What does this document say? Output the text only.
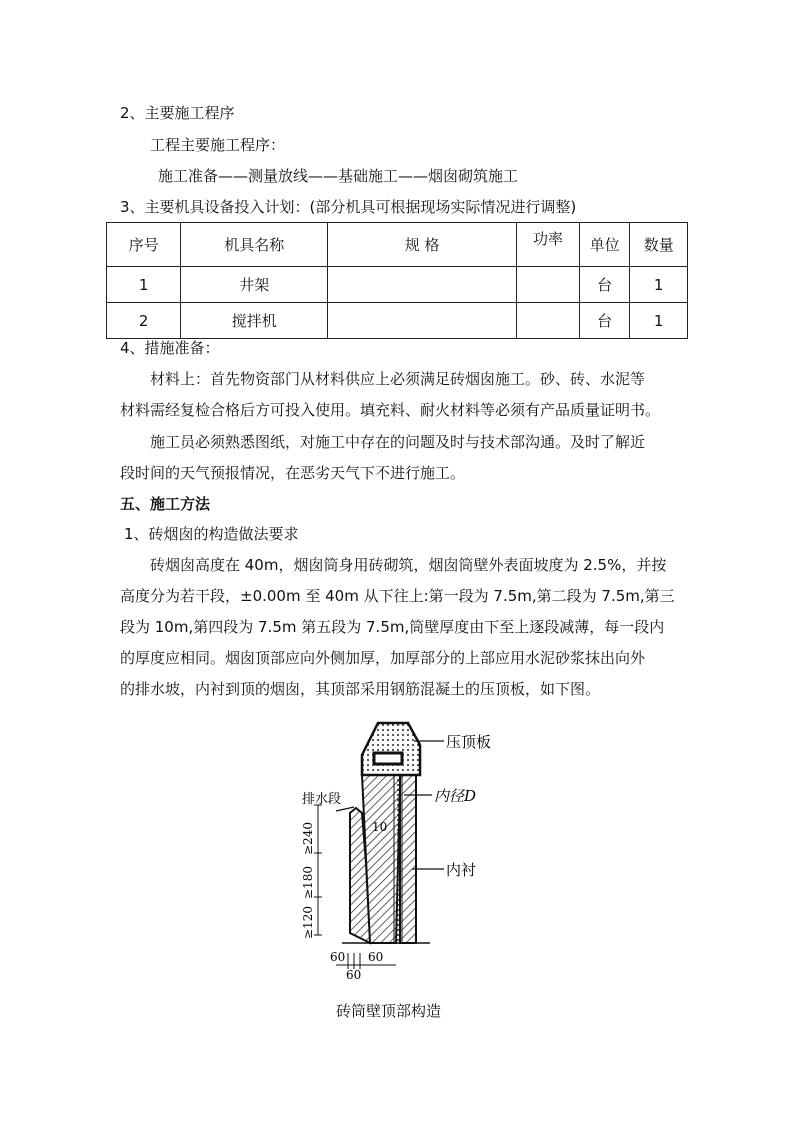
2、主要施工程序
工程主要施工程序：
施工准备——测量放线——基础施工——烟囱砌筑施工
3、主要机具设备投入计划：(部分机具可根据现场实际情况进行调整)
序号	机具名称	规 格	功率	单位	数量
1	井架			台	1
2	搅拌机			台	1
4、措施准备：
材料上：首先物资部门从材料供应上必须满足砖烟囱施工。砂、砖、水泥等
材料需经复检合格后方可投入使用。填充料、耐火材料等必须有产品质量证明书。
施工员必须熟悉图纸，对施工中存在的问题及时与技术部沟通。及时了解近
段时间的天气预报情况，在恶劣天气下不进行施工。
五、施工方法
1、砖烟囱的构造做法要求
砖烟囱高度在 40m，烟囱筒身用砖砌筑，烟囱筒壁外表面坡度为 2.5%，并按
高度分为若干段，±0.00m 至 40m 从下往上:第一段为 7.5m,第二段为 7.5m,第三
段为 10m,第四段为 7.5m 第五段为 7.5m,筒壁厚度由下至上逐段减薄，每一段内
的厚度应相同。烟囱顶部应向外侧加厚，加厚部分的上部应用水泥砂浆抹出向外
的排水坡，内衬到顶的烟囱，其顶部采用钢筋混凝土的压顶板，如下图。
压顶板
排水段	内径D
内衬
10
≥240
≥180
≥120
60 60
60
砖筒壁顶部构造
